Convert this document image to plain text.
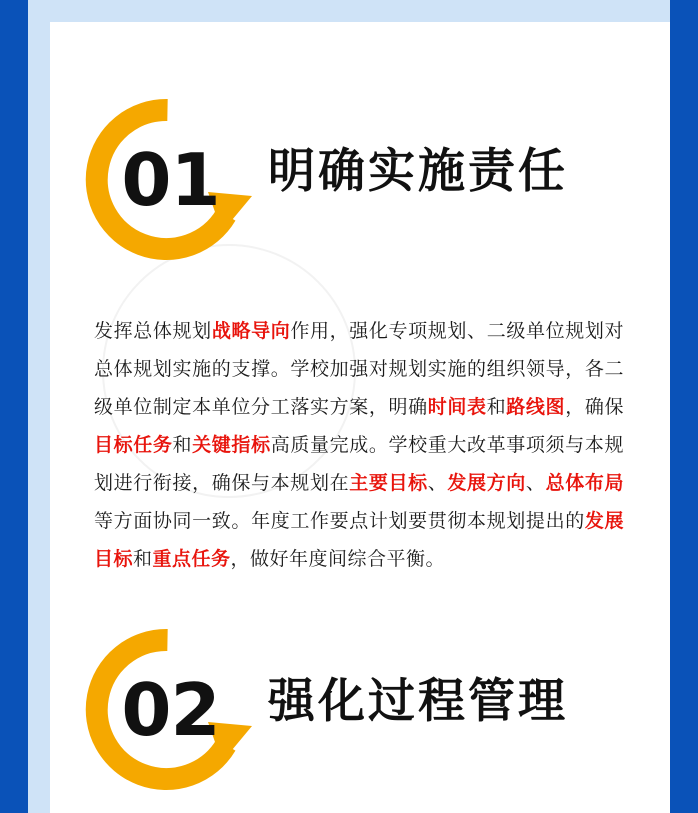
01	明确实施责任
发挥总体规划战略导向作用，强化专项规划、二级单位规划对总体规划实施的支撑。学校加强对规划实施的组织领导，各二级单位制定本单位分工落实方案，明确时间表和路线图，确保目标任务和关键指标高质量完成。学校重大改革事项须与本规划进行衔接，确保与本规划在主要目标、发展方向、总体布局等方面协同一致。年度工作要点计划要贯彻本规划提出的发展目标和重点任务，做好年度间综合平衡。
02	强化过程管理
